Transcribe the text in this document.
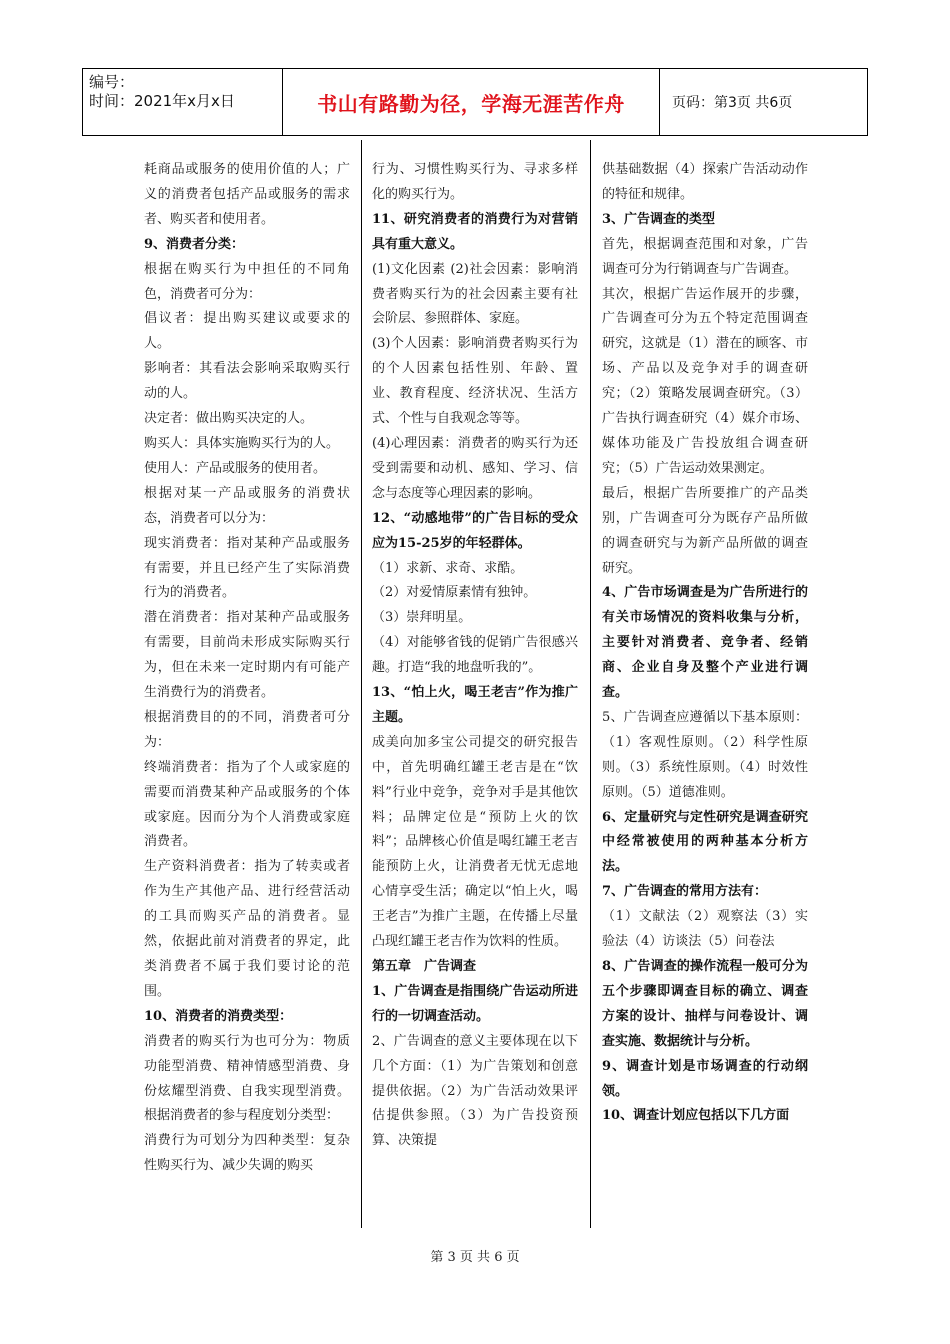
编号：
时间：2021年x月x日	书山有路勤为径，学海无涯苦作舟	页码：第3页 共6页

耗商品或服务的使用价值的人；广义的消费者包括产品或服务的需求者、购买者和使用者。

9、消费者分类：

根据在购买行为中担任的不同角色，消费者可分为：

倡议者：提出购买建议或要求的人。

影响者：其看法会影响采取购买行动的人。

决定者：做出购买决定的人。

购买人：具体实施购买行为的人。

使用人：产品或服务的使用者。

根据对某一产品或服务的消费状态，消费者可以分为：

现实消费者：指对某种产品或服务有需要，并且已经产生了实际消费行为的消费者。

潜在消费者：指对某种产品或服务有需要，目前尚未形成实际购买行为，但在未来一定时期内有可能产生消费行为的消费者。

根据消费目的的不同，消费者可分为：

终端消费者：指为了个人或家庭的需要而消费某种产品或服务的个体或家庭。因而分为个人消费或家庭消费者。

生产资料消费者：指为了转卖或者作为生产其他产品、进行经营活动的工具而购买产品的消费者。显然，依据此前对消费者的界定，此类消费者不属于我们要讨论的范围。

10、消费者的消费类型：

消费者的购买行为也可分为：物质功能型消费、精神情感型消费、身份炫耀型消费、自我实现型消费。根据消费者的参与程度划分类型：

消费行为可划分为四种类型：复杂性购买行为、减少失调的购买

行为、习惯性购买行为、寻求多样化的购买行为。

11、研究消费者的消费行为对营销具有重大意义。

(1)文化因素 (2)社会因素：影响消费者购买行为的社会因素主要有社会阶层、参照群体、家庭。

(3)个人因素：影响消费者购买行为的个人因素包括性别、年龄、置业、教育程度、经济状况、生活方式、个性与自我观念等等。

(4)心理因素：消费者的购买行为还受到需要和动机、感知、学习、信念与态度等心理因素的影响。

12、“动感地带”的广告目标的受众应为15-25岁的年轻群体。

（1）求新、求奇、求酷。

（2）对爱情原素情有独钟。

（3）崇拜明星。

（4）对能够省钱的促销广告很感兴趣。打造“我的地盘听我的”。

13、“怕上火，喝王老吉”作为推广主题。

成美向加多宝公司提交的研究报告中，首先明确红罐王老吉是在“饮料”行业中竞争，竞争对手是其他饮料；品牌定位是“预防上火的饮料”；品牌核心价值是喝红罐王老吉能预防上火，让消费者无忧无虑地心情享受生活；确定以“怕上火，喝王老吉”为推广主题，在传播上尽量凸现红罐王老吉作为饮料的性质。

第五章　广告调查

1、广告调查是指围绕广告运动所进行的一切调查活动。

2、广告调查的意义主要体现在以下几个方面：（1）为广告策划和创意提供依据。（2）为广告活动效果评估提供参照。（3）为广告投资预算、决策提

供基础数据（4）探索广告活动动作的特征和规律。

3、广告调查的类型

首先，根据调查范围和对象，广告调查可分为行销调查与广告调查。

其次，根据广告运作展开的步骤，广告调查可分为五个特定范围调查研究，这就是（1）潜在的顾客、市场、产品以及竞争对手的调查研究；（2）策略发展调查研究。（3）广告执行调查研究（4）媒介市场、媒体功能及广告投放组合调查研究；（5）广告运动效果测定。

最后，根据广告所要推广的产品类别，广告调查可分为既存产品所做的调查研究与为新产品所做的调查研究。

4、广告市场调查是为广告所进行的有关市场情况的资料收集与分析，主要针对消费者、竞争者、经销商、企业自身及整个产业进行调查。

5、广告调查应遵循以下基本原则：（1）客观性原则。（2）科学性原则。（3）系统性原则。（4）时效性原则。（5）道德准则。

6、定量研究与定性研究是调查研究中经常被使用的两种基本分析方法。

7、广告调查的常用方法有：

（1）文献法（2）观察法（3）实验法（4）访谈法（5）问卷法

8、广告调查的操作流程一般可分为五个步骤即调查目标的确立、调查方案的设计、抽样与问卷设计、调查实施、数据统计与分析。

9、调查计划是市场调查的行动纲领。

10、调查计划应包括以下几方面

第 3 页 共 6 页
